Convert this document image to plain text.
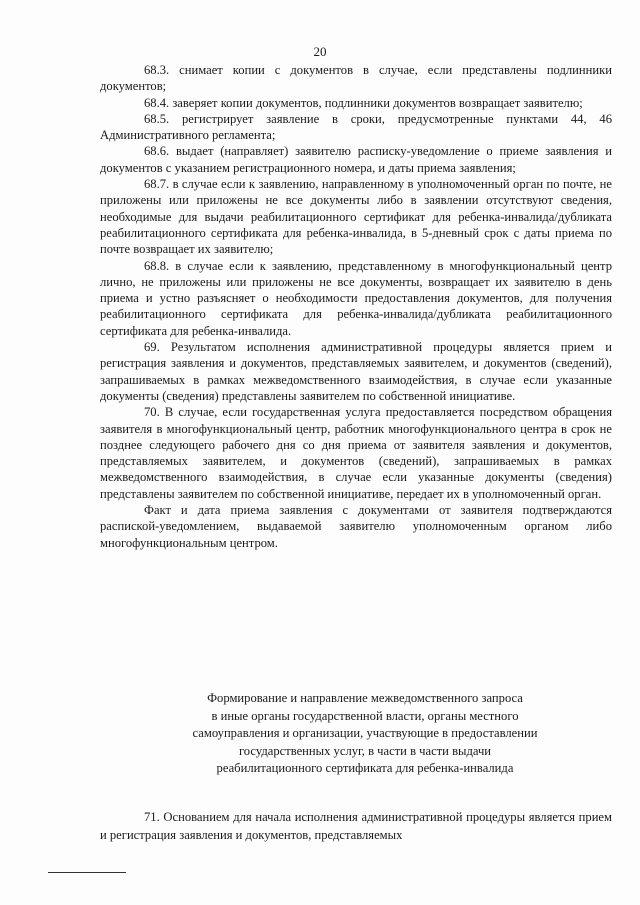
20

68.3. снимает копии с документов в случае, если представлены подлинники документов;

68.4. заверяет копии документов, подлинники документов возвращает заявителю;

68.5. регистрирует заявление в сроки, предусмотренные пунктами 44, 46 Административного регламента;

68.6. выдает (направляет) заявителю расписку-уведомление о приеме заявления и документов с указанием регистрационного номера, и даты приема заявления;

68.7. в случае если к заявлению, направленному в уполномоченный орган по почте, не приложены или приложены не все документы либо в заявлении отсутствуют сведения, необходимые для выдачи реабилитационного сертификат для ребенка-инвалида/дубликата реабилитационного сертификата для ребенка-инвалида, в 5-дневный срок с даты приема по почте возвращает их заявителю;

68.8. в случае если к заявлению, представленному в многофункциональный центр лично, не приложены или приложены не все документы, возвращает их заявителю в день приема и устно разъясняет о необходимости предоставления документов, для получения реабилитационного сертификата для ребенка-инвалида/дубликата реабилитационного сертификата для ребенка-инвалида.

69. Результатом исполнения административной процедуры является прием и регистрация заявления и документов, представляемых заявителем, и документов (сведений), запрашиваемых в рамках межведомственного взаимодействия, в случае если указанные документы (сведения) представлены заявителем по собственной инициативе.

70. В случае, если государственная услуга предоставляется посредством обращения заявителя в многофункциональный центр, работник многофункционального центра в срок не позднее следующего рабочего дня со дня приема от заявителя заявления и документов, представляемых заявителем, и документов (сведений), запрашиваемых в рамках межведомственного взаимодействия, в случае если указанные документы (сведения) представлены заявителем по собственной инициативе, передает их в уполномоченный орган.

Факт и дата приема заявления с документами от заявителя подтверждаются распиской-уведомлением, выдаваемой заявителю уполномоченным органом либо многофункциональным центром.

Формирование и направление межведомственного запроса
в иные органы государственной власти, органы местного
самоуправления и организации, участвующие в предоставлении
государственных услуг, в части в части выдачи
реабилитационного сертификата для ребенка-инвалида

71. Основанием для начала исполнения административной процедуры является прием и регистрация заявления и документов, представляемых
